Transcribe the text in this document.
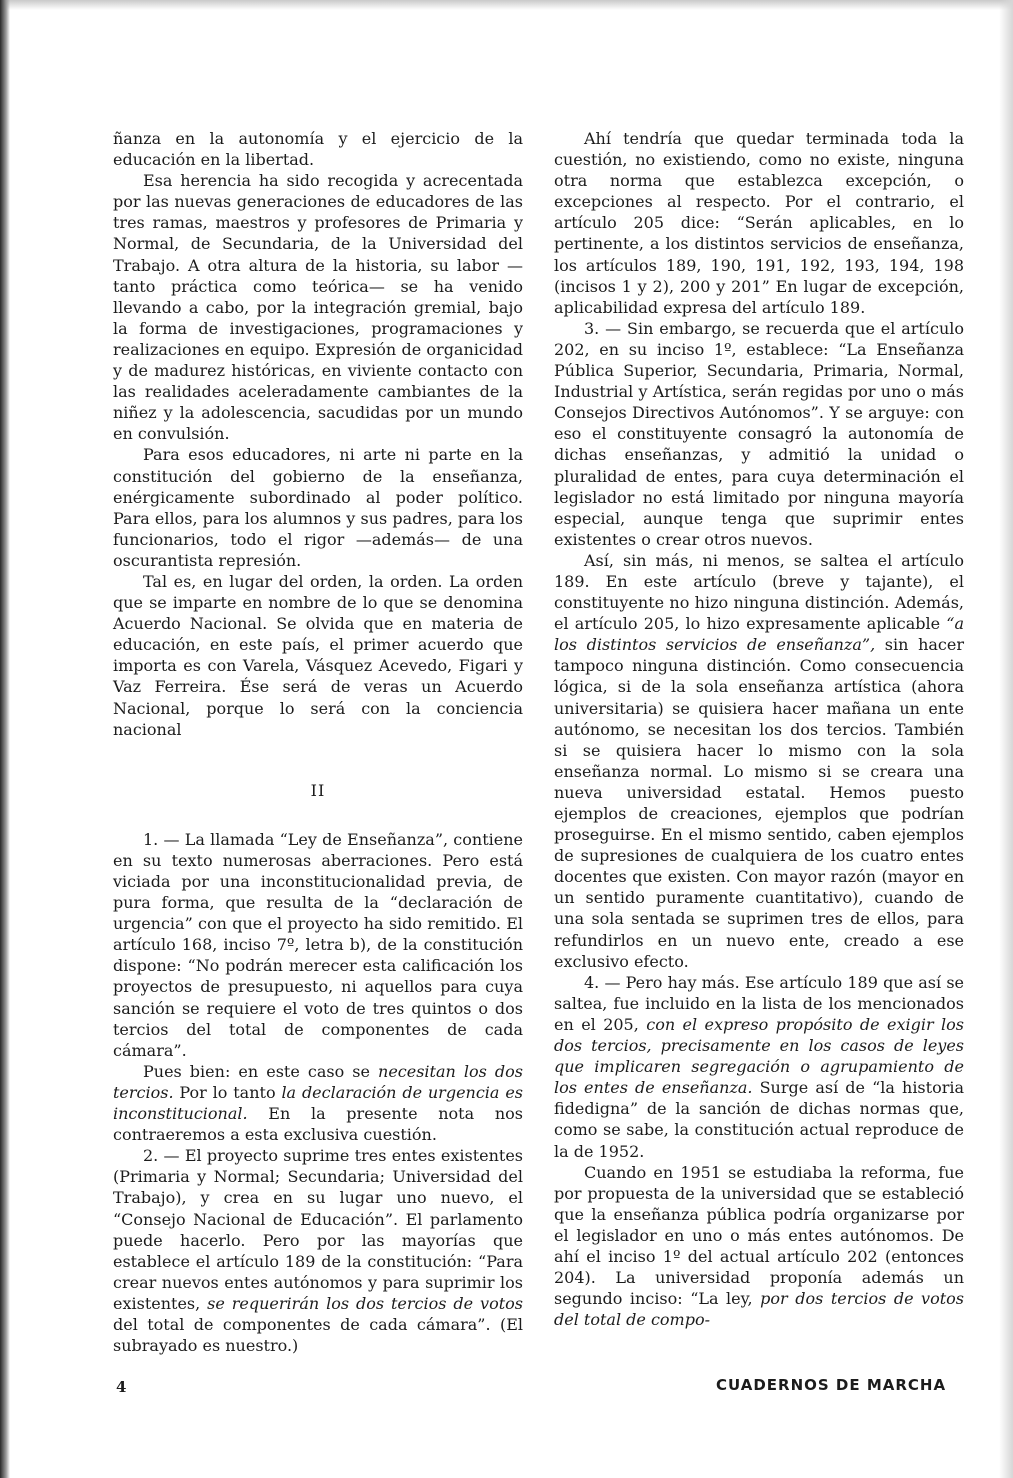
ñanza en la autonomía y el ejercicio de la educación en la libertad.

Esa herencia ha sido recogida y acrecentada por las nuevas generaciones de educadores de las tres ramas, maestros y profesores de Primaria y Normal, de Secundaria, de la Universidad del Trabajo. A otra altura de la historia, su labor —tanto práctica como teórica— se ha venido llevando a cabo, por la integración gremial, bajo la forma de investigaciones, programaciones y realizaciones en equipo. Expresión de organicidad y de madurez históricas, en viviente contacto con las realidades aceleradamente cambiantes de la niñez y la adolescencia, sacudidas por un mundo en convulsión.

Para esos educadores, ni arte ni parte en la constitución del gobierno de la enseñanza, enérgicamente subordinado al poder político. Para ellos, para los alumnos y sus padres, para los funcionarios, todo el rigor —además— de una oscurantista represión.

Tal es, en lugar del orden, la orden. La orden que se imparte en nombre de lo que se denomina Acuerdo Nacional. Se olvida que en materia de educación, en este país, el primer acuerdo que importa es con Varela, Vásquez Acevedo, Figari y Vaz Ferreira. Ése será de veras un Acuerdo Nacional, porque lo será con la conciencia nacional

II

1. — La llamada “Ley de Enseñanza”, contiene en su texto numerosas aberraciones. Pero está viciada por una inconstitucionalidad previa, de pura forma, que resulta de la “declaración de urgencia” con que el proyecto ha sido remitido. El artículo 168, inciso 7º, letra b), de la constitución dispone: “No podrán merecer esta calificación los proyectos de presupuesto, ni aquellos para cuya sanción se requiere el voto de tres quintos o dos tercios del total de componentes de cada cámara”.

Pues bien: en este caso se necesitan los dos tercios. Por lo tanto la declaración de urgencia es inconstitucional. En la presente nota nos contraeremos a esta exclusiva cuestión.

2. — El proyecto suprime tres entes existentes (Primaria y Normal; Secundaria; Universidad del Trabajo), y crea en su lugar uno nuevo, el “Consejo Nacional de Educación”. El parlamento puede hacerlo. Pero por las mayorías que establece el artículo 189 de la constitución: “Para crear nuevos entes autónomos y para suprimir los existentes, se requerirán los dos tercios de votos del total de componentes de cada cámara”. (El subrayado es nuestro.)

Ahí tendría que quedar terminada toda la cuestión, no existiendo, como no existe, ninguna otra norma que establezca excepción, o excepciones al respecto. Por el contrario, el artículo 205 dice: “Serán aplicables, en lo pertinente, a los distintos servicios de enseñanza, los artículos 189, 190, 191, 192, 193, 194, 198 (incisos 1 y 2), 200 y 201” En lugar de excepción, aplicabilidad expresa del artículo 189.

3. — Sin embargo, se recuerda que el artículo 202, en su inciso 1º, establece: “La Enseñanza Pública Superior, Secundaria, Primaria, Normal, Industrial y Artística, serán regidas por uno o más Consejos Directivos Autónomos”. Y se arguye: con eso el constituyente consagró la autonomía de dichas enseñanzas, y admitió la unidad o pluralidad de entes, para cuya determinación el legislador no está limitado por ninguna mayoría especial, aunque tenga que suprimir entes existentes o crear otros nuevos.

Así, sin más, ni menos, se saltea el artículo 189. En este artículo (breve y tajante), el constituyente no hizo ninguna distinción. Además, el artículo 205, lo hizo expresamente aplicable “a los distintos servicios de enseñanza”, sin hacer tampoco ninguna distinción. Como consecuencia lógica, si de la sola enseñanza artística (ahora universitaria) se quisiera hacer mañana un ente autónomo, se necesitan los dos tercios. También si se quisiera hacer lo mismo con la sola enseñanza normal. Lo mismo si se creara una nueva universidad estatal. Hemos puesto ejemplos de creaciones, ejemplos que podrían proseguirse. En el mismo sentido, caben ejemplos de supresiones de cualquiera de los cuatro entes docentes que existen. Con mayor razón (mayor en un sentido puramente cuantitativo), cuando de una sola sentada se suprimen tres de ellos, para refundirlos en un nuevo ente, creado a ese exclusivo efecto.

4. — Pero hay más. Ese artículo 189 que así se saltea, fue incluido en la lista de los mencionados en el 205, con el expreso propósito de exigir los dos tercios, precisamente en los casos de leyes que implicaren segregación o agrupamiento de los entes de enseñanza. Surge así de “la historia fidedigna” de la sanción de dichas normas que, como se sabe, la constitución actual reproduce de la de 1952.

Cuando en 1951 se estudiaba la reforma, fue por propuesta de la universidad que se estableció que la enseñanza pública podría organizarse por el legislador en uno o más entes autónomos. De ahí el inciso 1º del actual artículo 202 (entonces 204). La universidad proponía además un segundo inciso: “La ley, por dos tercios de votos del total de compo-

4	CUADERNOS DE MARCHA
